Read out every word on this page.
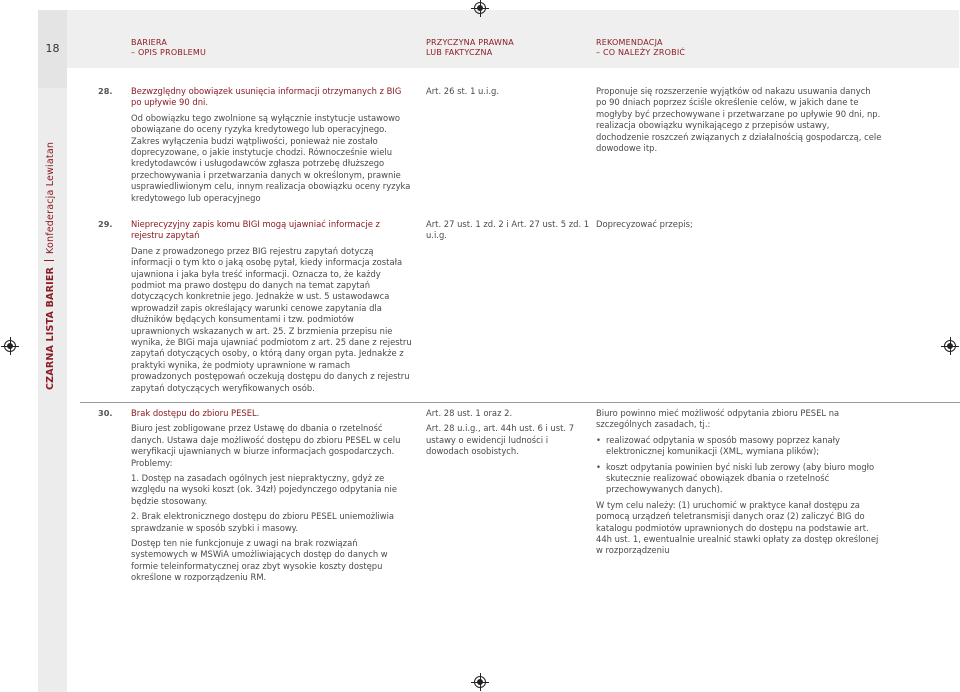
18	BARIERA
– OPIS PROBLEMU
PRZYCZYNA PRAWNA
LUB FAKTYCZNA
REKOMENDACJA
– CO NALEŻY ZROBIĆ
CZARNA LISTA BARIERKonfederacja Lewiatan
28. Bezwzględny obowiązek usunięcia informacji otrzymanych z BIG po upływie 90 dni.

Od obowiązku tego zwolnione są wyłącznie instytucje ustawowo obowiązane do oceny ryzyka kredytowego lub operacyjnego. Zakres wyłączenia budzi wątpliwości, ponieważ nie zostało doprecyzowane, o jakie instytucje chodzi. Równocześnie wielu kredytodawców i usługodawców zgłasza potrzebę dłuższego przechowywania i przetwarzania danych w określonym, prawnie usprawiedliwionym celu, innym realizacja obowiązku oceny ryzyka kredytowego lub operacyjnego

Art. 26 st. 1 u.i.g.	Proponuje się rozszerzenie wyjątków od nakazu usuwania danych po 90 dniach poprzez ściśle określenie celów, w jakich dane te mogłyby być przechowywane i przetwarzane po upływie 90 dni, np. realizacja obowiązku wynikającego z przepisów ustawy, dochodzenie roszczeń związanych z działalnością gospodarczą, cele dowodowe itp.

29. Nieprecyzyjny zapis komu BIGI mogą ujawniać informacje z rejestru zapytań

Dane z prowadzonego przez BIG rejestru zapytań dotyczą informacji o tym kto o jaką osobę pytał, kiedy informacja została ujawniona i jaka była treść informacji. Oznacza to, że każdy podmiot ma prawo dostępu do danych na temat zapytań dotyczących konkretnie jego. Jednakże w ust. 5 ustawodawca wprowadził zapis określający warunki cenowe zapytania dla dłużników będących konsumentami i tzw. podmiotów uprawnionych wskazanych w art. 25. Z brzmienia przepisu nie wynika, że BIGi maja ujawniać podmiotom z art. 25 dane z rejestru zapytań dotyczących osoby, o którą dany organ pyta. Jednakże z praktyki wynika, że podmioty uprawnione w ramach prowadzonych postępowań oczekują dostępu do danych z rejestru zapytań dotyczących weryfikowanych osób.

Art. 27 ust. 1 zd. 2 i Art. 27 ust. 5 zd. 1 u.i.g.

Doprecyzować przepis;

30. Brak dostępu do zbioru PESEL.

Biuro jest zobligowane przez Ustawę do dbania o rzetelność danych. Ustawa daje możliwość dostępu do zbioru PESEL w celu weryfikacji ujawnianych w biurze informacjach gospodarczych. Problemy:

1. Dostęp na zasadach ogólnych jest niepraktyczny, gdyż ze względu na wysoki koszt (ok. 34zł) pojedynczego odpytania nie będzie stosowany.

2. Brak elektronicznego dostępu do zbioru PESEL uniemożliwia sprawdzanie w sposób szybki i masowy.

Dostęp ten nie funkcjonuje z uwagi na brak rozwiązań systemowych w MSWiA umożliwiających dostęp do danych w formie teleinformatycznej oraz zbyt wysokie koszty dostępu określone w rozporządzeniu RM.

Art. 28 ust. 1 oraz 2.

Art. 28 u.i.g., art. 44h ust. 6 i ust. 7 ustawy o ewidencji ludności i dowodach osobistych.

Biuro powinno mieć możliwość odpytania zbioru PESEL na szczególnych zasadach, tj.:

• realizować odpytania w sposób masowy poprzez kanały elektronicznej komunikacji (XML, wymiana plików);
• koszt odpytania powinien być niski lub zerowy (aby biuro mogło skutecznie realizować obowiązek dbania o rzetelność przechowywanych danych).

W tym celu należy: (1) uruchomić w praktyce kanał dostępu za pomocą urządzeń teletransmisji danych oraz (2) zaliczyć BIG do katalogu podmiotów uprawnionych do dostępu na podstawie art. 44h ust. 1, ewentualnie urealnić stawki opłaty za dostęp określonej w rozporządzeniu
